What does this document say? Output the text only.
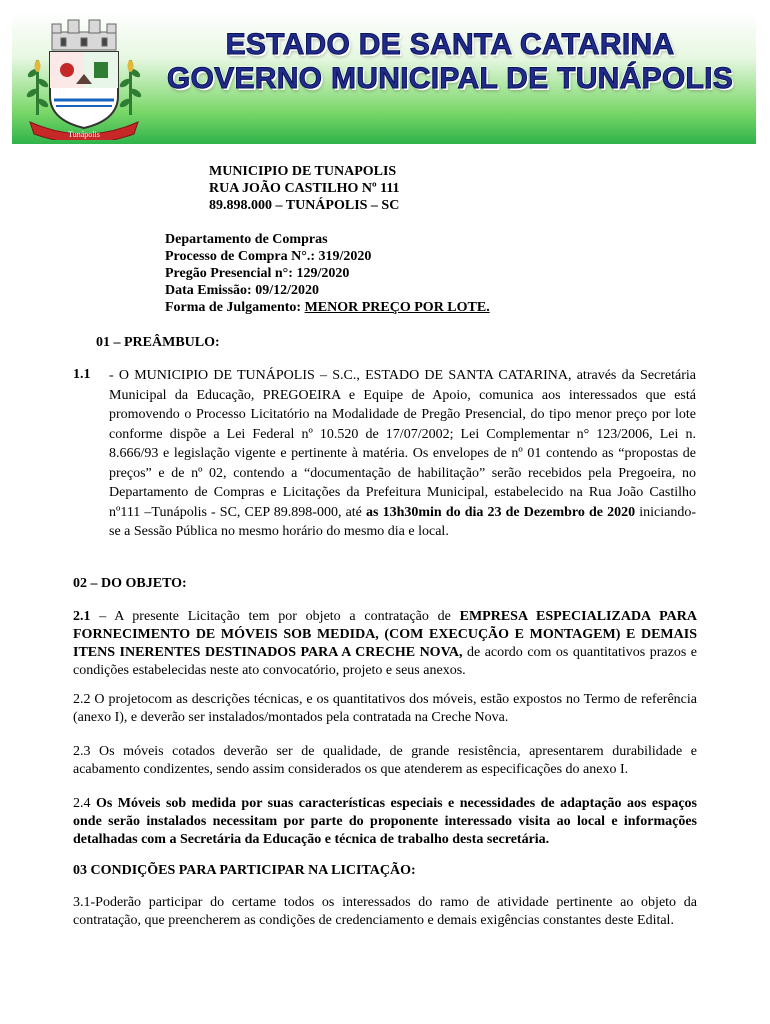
Tunápolis
ESTADO DE SANTA CATARINA
GOVERNO MUNICIPAL DE TUNÁPOLIS
MUNICIPIO DE TUNAPOLIS
RUA JOÃO CASTILHO Nº 111
89.898.000 – TUNÁPOLIS – SC
Departamento de Compras
Processo de Compra N°.: 319/2020
Pregão Presencial n°: 129/2020
Data Emissão: 09/12/2020
Forma de Julgamento: MENOR PREÇO POR LOTE.
01 – PREÂMBULO:
1.1 - O MUNICIPIO DE TUNÁPOLIS – S.C., ESTADO DE SANTA CATARINA, através da Secretária Municipal da Educação, PREGOEIRA e Equipe de Apoio, comunica aos interessados que está promovendo o Processo Licitatório na Modalidade de Pregão Presencial, do tipo menor preço por lote conforme dispõe a Lei Federal nº 10.520 de 17/07/2002; Lei Complementar n° 123/2006, Lei n. 8.666/93 e legislação vigente e pertinente à matéria. Os envelopes de nº 01 contendo as “propostas de preços” e de nº 02, contendo a “documentação de habilitação” serão recebidos pela Pregoeira, no Departamento de Compras e Licitações da Prefeitura Municipal, estabelecido na Rua João Castilho nº111 –Tunápolis - SC, CEP 89.898-000, até as 13h30min do dia 23 de Dezembro de 2020 iniciando-se a Sessão Pública no mesmo horário do mesmo dia e local.

02 – DO OBJETO:

2.1 – A presente Licitação tem por objeto a contratação de EMPRESA ESPECIALIZADA PARA FORNECIMENTO DE MÓVEIS SOB MEDIDA, (COM EXECUÇÃO E MONTAGEM) E DEMAIS ITENS INERENTES DESTINADOS PARA A CRECHE NOVA, de acordo com os quantitativos prazos e condições estabelecidas neste ato convocatório, projeto e seus anexos.

2.2 O projetocom as descrições técnicas, e os quantitativos dos móveis, estão expostos no Termo de referência (anexo I), e deverão ser instalados/montados pela contratada na Creche Nova.

2.3 Os móveis cotados deverão ser de qualidade, de grande resistência, apresentarem durabilidade e acabamento condizentes, sendo assim considerados os que atenderem as especificações do anexo I.

2.4 Os Móveis sob medida por suas características especiais e necessidades de adaptação aos espaços onde serão instalados necessitam por parte do proponente interessado visita ao local e informações detalhadas com a Secretária da Educação e técnica de trabalho desta secretária.

03 CONDIÇÕES PARA PARTICIPAR NA LICITAÇÃO:

3.1-Poderão participar do certame todos os interessados do ramo de atividade pertinente ao objeto da contratação, que preencherem as condições de credenciamento e demais exigências constantes deste Edital.
